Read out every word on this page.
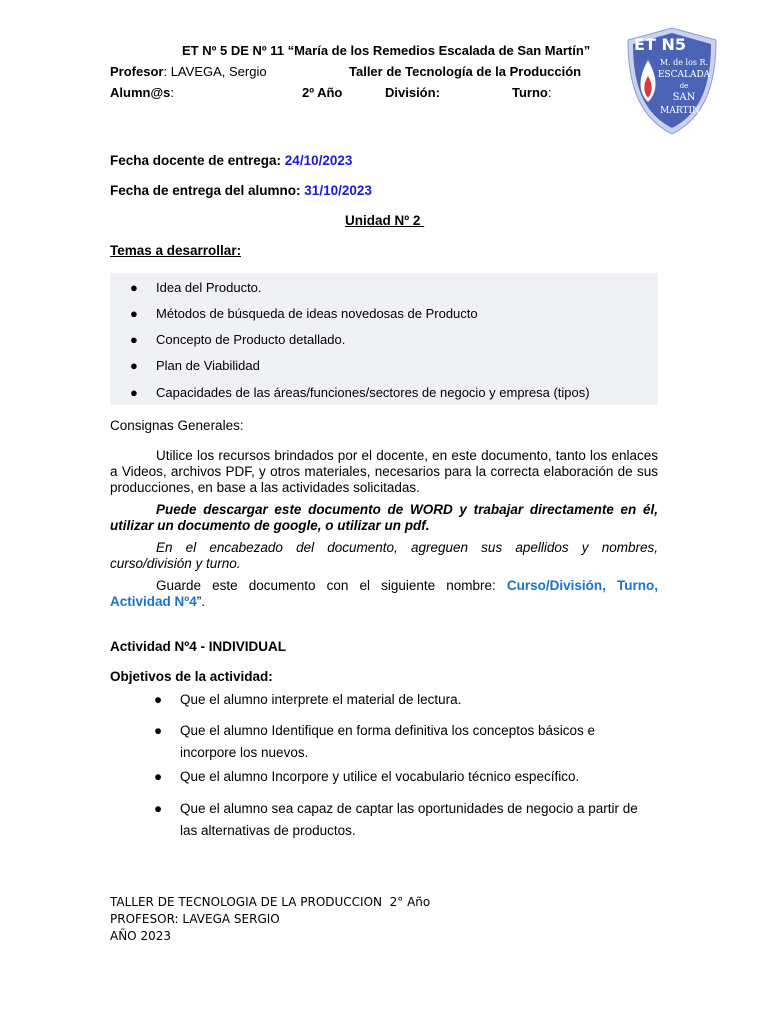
ET Nº 5 DE Nº 11 “María de los Remedios Escalada de San Martín”
Profesor: LAVEGA, Sergio	Taller de Tecnología de la Producción
Alumn@s:	2º Año	División:	Turno:
ET N5
M. de los R.
ESCALADA
de
SAN
MARTIN
Fecha docente de entrega: 24/10/2023
Fecha de entrega del alumno: 31/10/2023
Unidad Nº 2
Temas a desarrollar:
● Idea del Producto.
● Métodos de búsqueda de ideas novedosas de Producto
● Concepto de Producto detallado.
● Plan de Viabilidad
● Capacidades de las áreas/funciones/sectores de negocio y empresa (tipos)
Consignas Generales:
Utilice los recursos brindados por el docente, en este documento, tanto los enlaces a Videos, archivos PDF, y otros materiales, necesarios para la correcta elaboración de sus producciones, en base a las actividades solicitadas.
Puede descargar este documento de WORD y trabajar directamente en él, utilizar un documento de google, o utilizar un pdf.
En el encabezado del documento, agreguen sus apellidos y nombres, curso/división y turno.
Guarde este documento con el siguiente nombre: Curso/División, Turno, Actividad Nº4”.
Actividad Nº4 - INDIVIDUAL
Objetivos de la actividad:
● Que el alumno interprete el material de lectura.
● Que el alumno Identifique en forma definitiva los conceptos básicos e incorpore los nuevos.
● Que el alumno Incorpore y utilice el vocabulario técnico específico.
● Que el alumno sea capaz de captar las oportunidades de negocio a partir de las alternativas de productos.
TALLER DE TECNOLOGIA DE LA PRODUCCION  2° Año
PROFESOR: LAVEGA SERGIO
AÑO 2023
